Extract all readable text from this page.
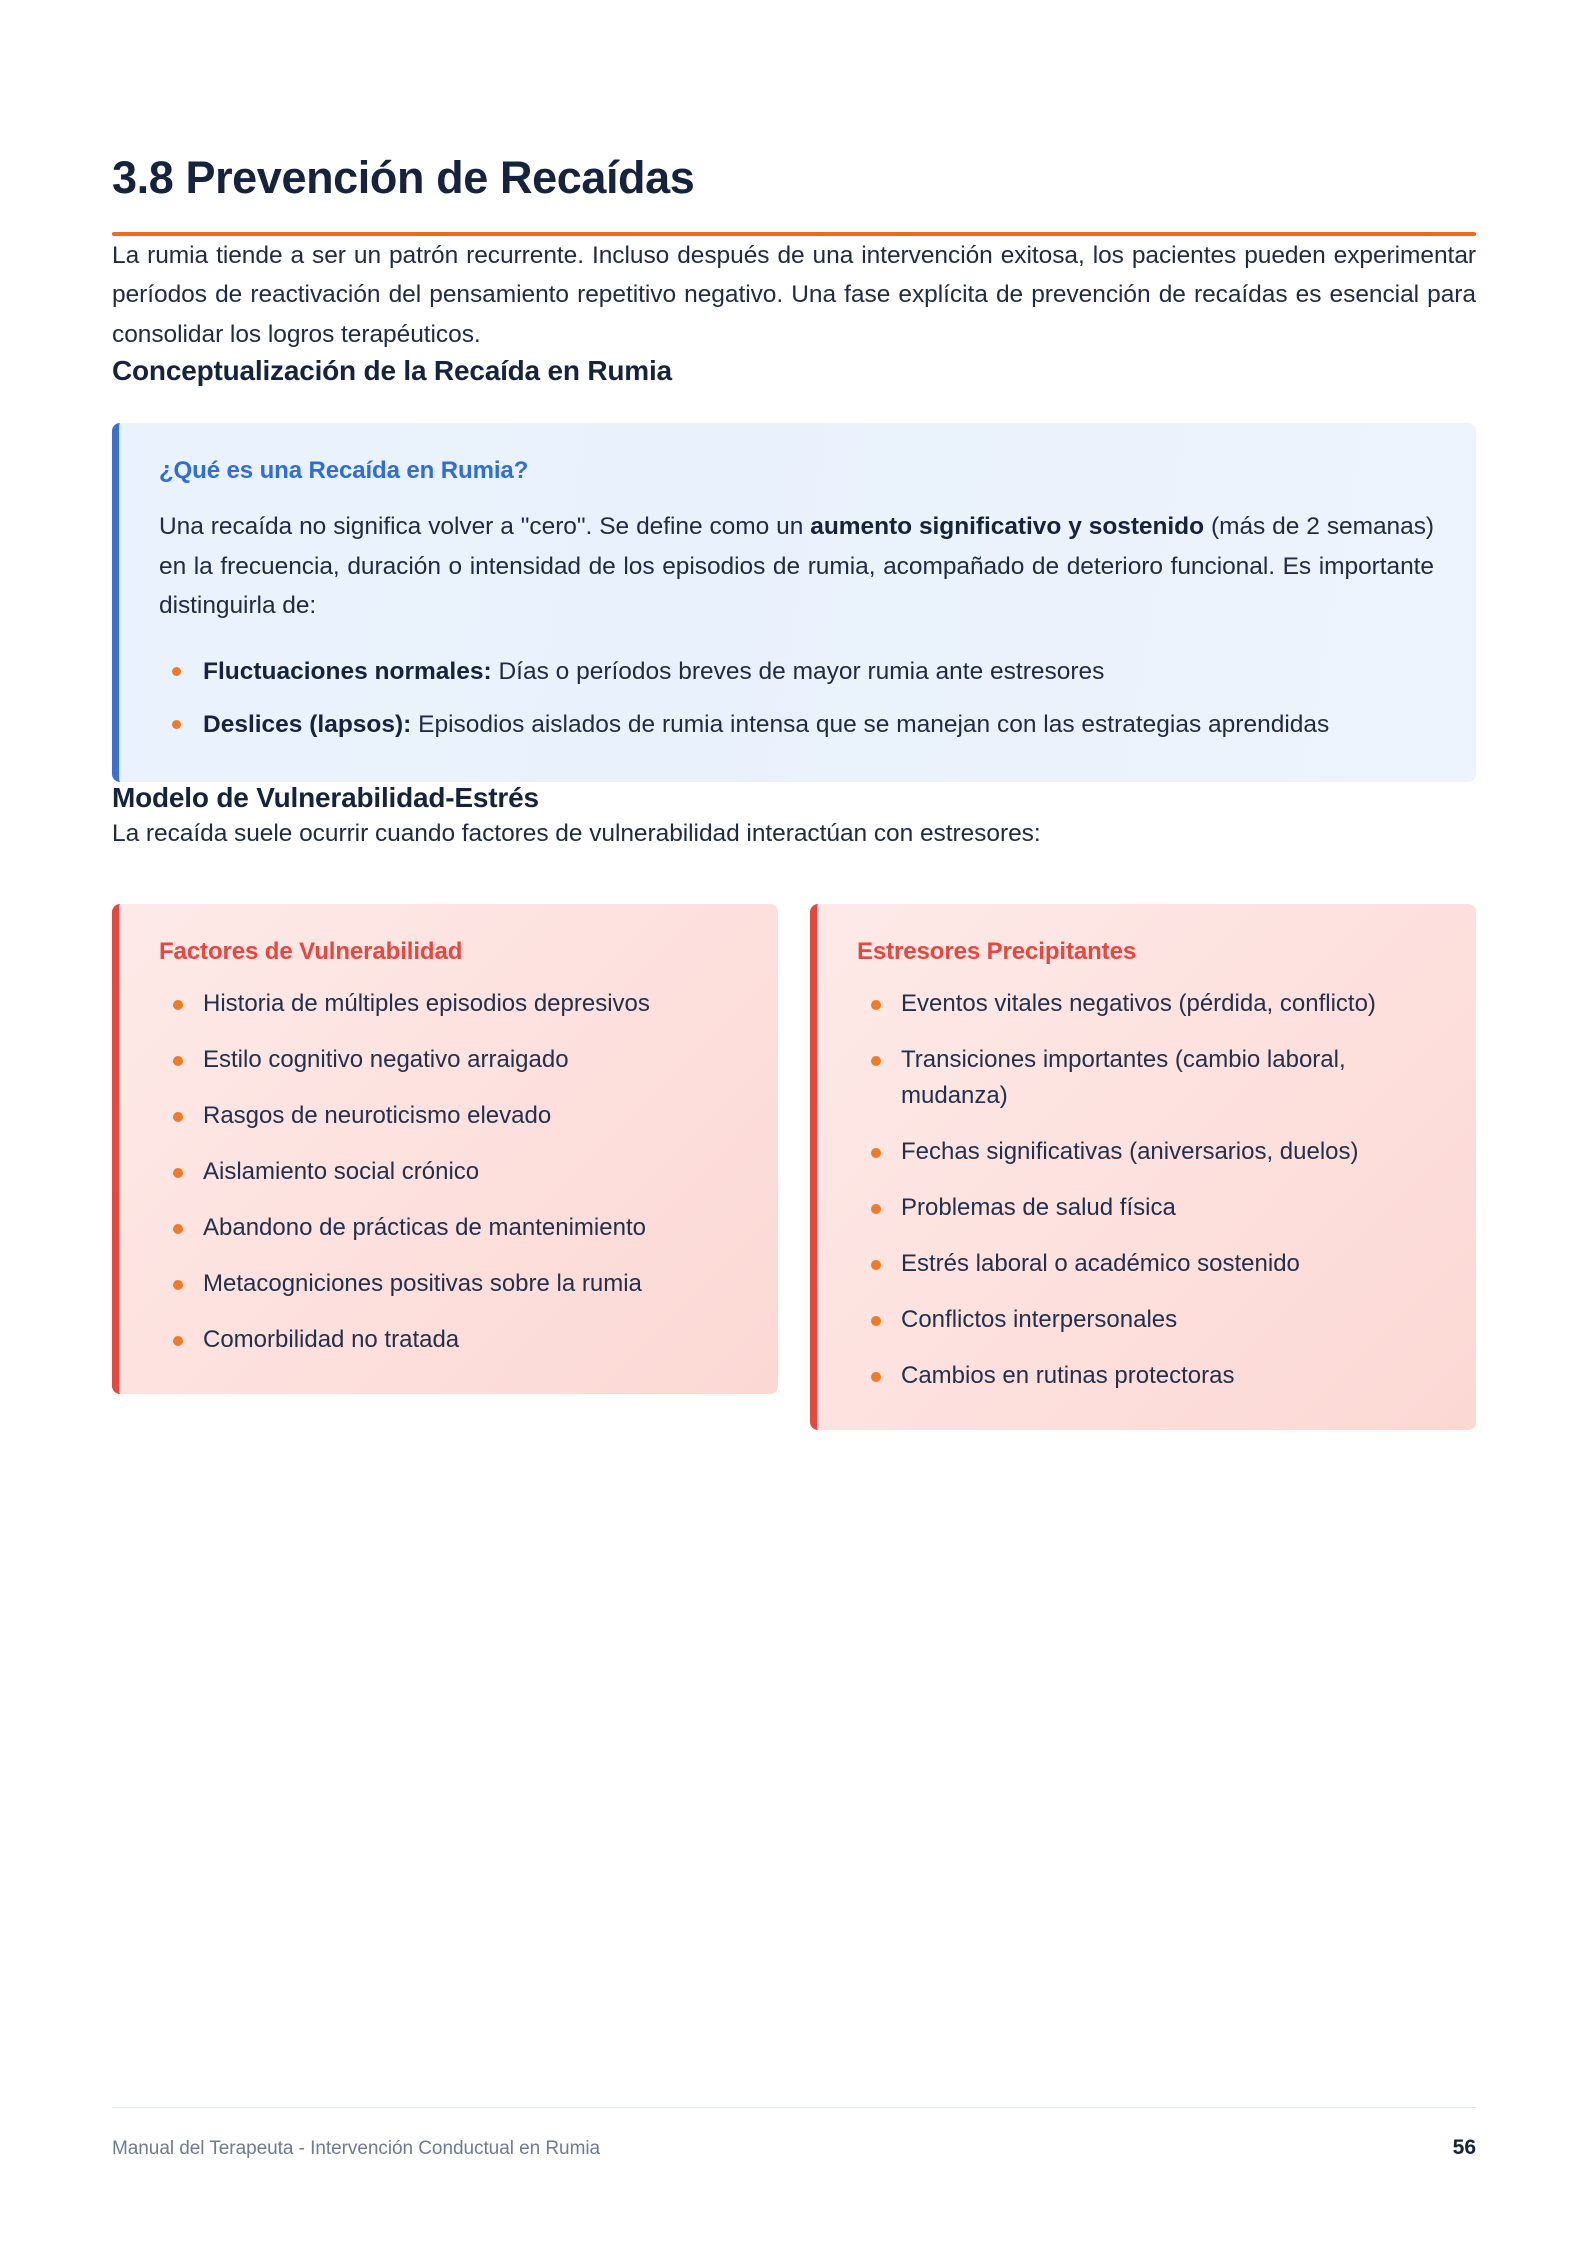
3.8 Prevención de Recaídas

La rumia tiende a ser un patrón recurrente. Incluso después de una intervención exitosa, los pacientes pueden experimentar períodos de reactivación del pensamiento repetitivo negativo. Una fase explícita de prevención de recaídas es esencial para consolidar los logros terapéuticos.

Conceptualización de la Recaída en Rumia

¿Qué es una Recaída en Rumia?

Una recaída no significa volver a "cero". Se define como un aumento significativo y sostenido (más de 2 semanas) en la frecuencia, duración o intensidad de los episodios de rumia, acompañado de deterioro funcional. Es importante distinguirla de:

Fluctuaciones normales: Días o períodos breves de mayor rumia ante estresores
Deslices (lapsos): Episodios aislados de rumia intensa que se manejan con las estrategias aprendidas
Modelo de Vulnerabilidad-Estrés

La recaída suele ocurrir cuando factores de vulnerabilidad interactúan con estresores:

Factores de Vulnerabilidad

Historia de múltiples episodios depresivos
Estilo cognitivo negativo arraigado
Rasgos de neuroticismo elevado
Aislamiento social crónico
Abandono de prácticas de mantenimiento
Metacogniciones positivas sobre la rumia
Comorbilidad no tratada

Estresores Precipitantes

Eventos vitales negativos (pérdida, conflicto)
Transiciones importantes (cambio laboral, mudanza)
Fechas significativas (aniversarios, duelos)
Problemas de salud física
Estrés laboral o académico sostenido
Conflictos interpersonales
Cambios en rutinas protectoras
Manual del Terapeuta - Intervención Conductual en Rumia	56
